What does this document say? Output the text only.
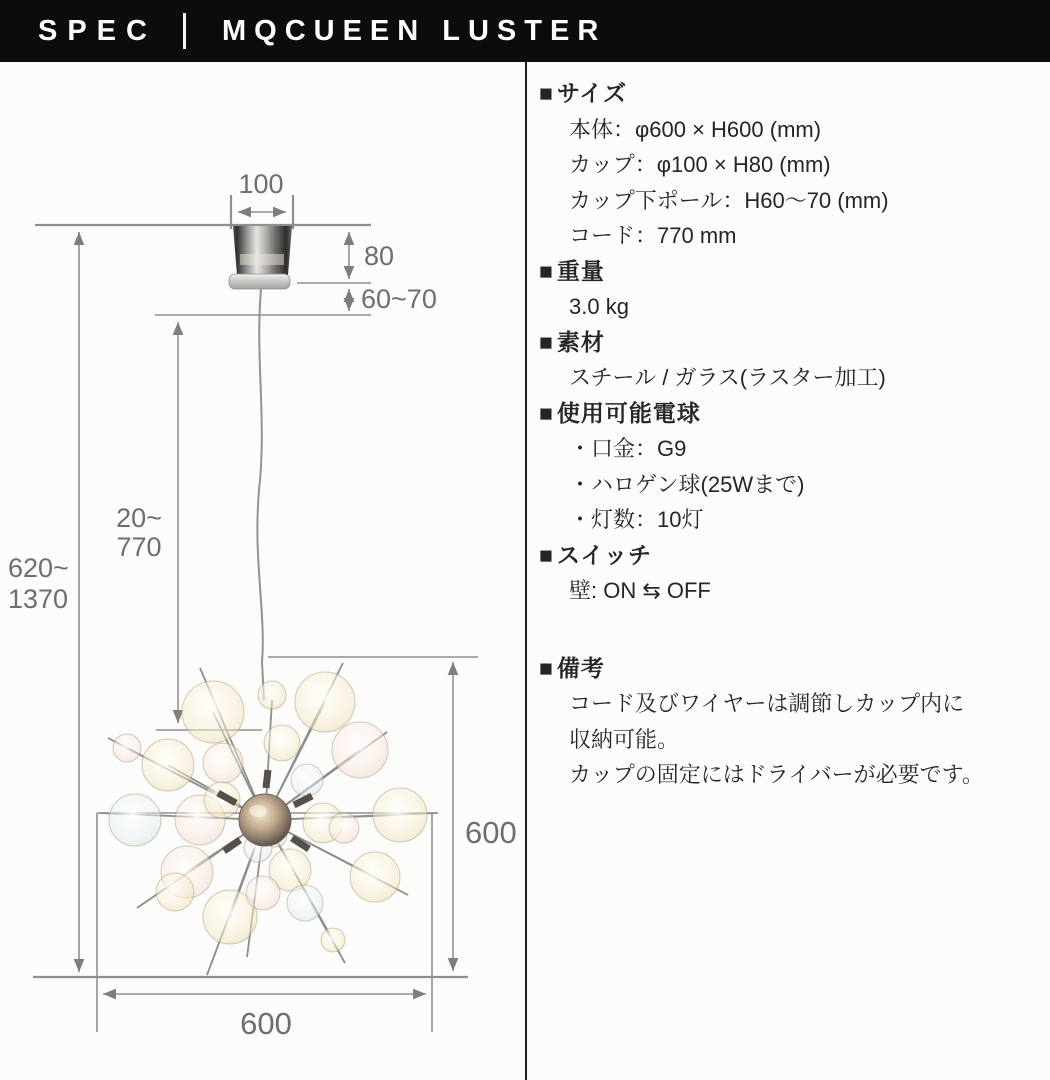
SPEC MQCUEEN LUSTER
100
80
60~70
620~
1370
20~
770
600
600
■ サイズ
本体：φ600 × H600 (mm)
カップ：φ100 × H80 (mm)
カップ下ポール：H60〜70 (mm)
コード：770 mm
■ 重量
3.0 kg
■ 素材
スチール / ガラス(ラスター加工)
■ 使用可能電球
・口金：G9
・ハロゲン球(25Wまで)
・灯数：10灯
■ スイッチ
壁: ON ⇆ OFF
■ 備考
コード及びワイヤーは調節しカップ内に
収納可能。
カップの固定にはドライバーが必要です。
